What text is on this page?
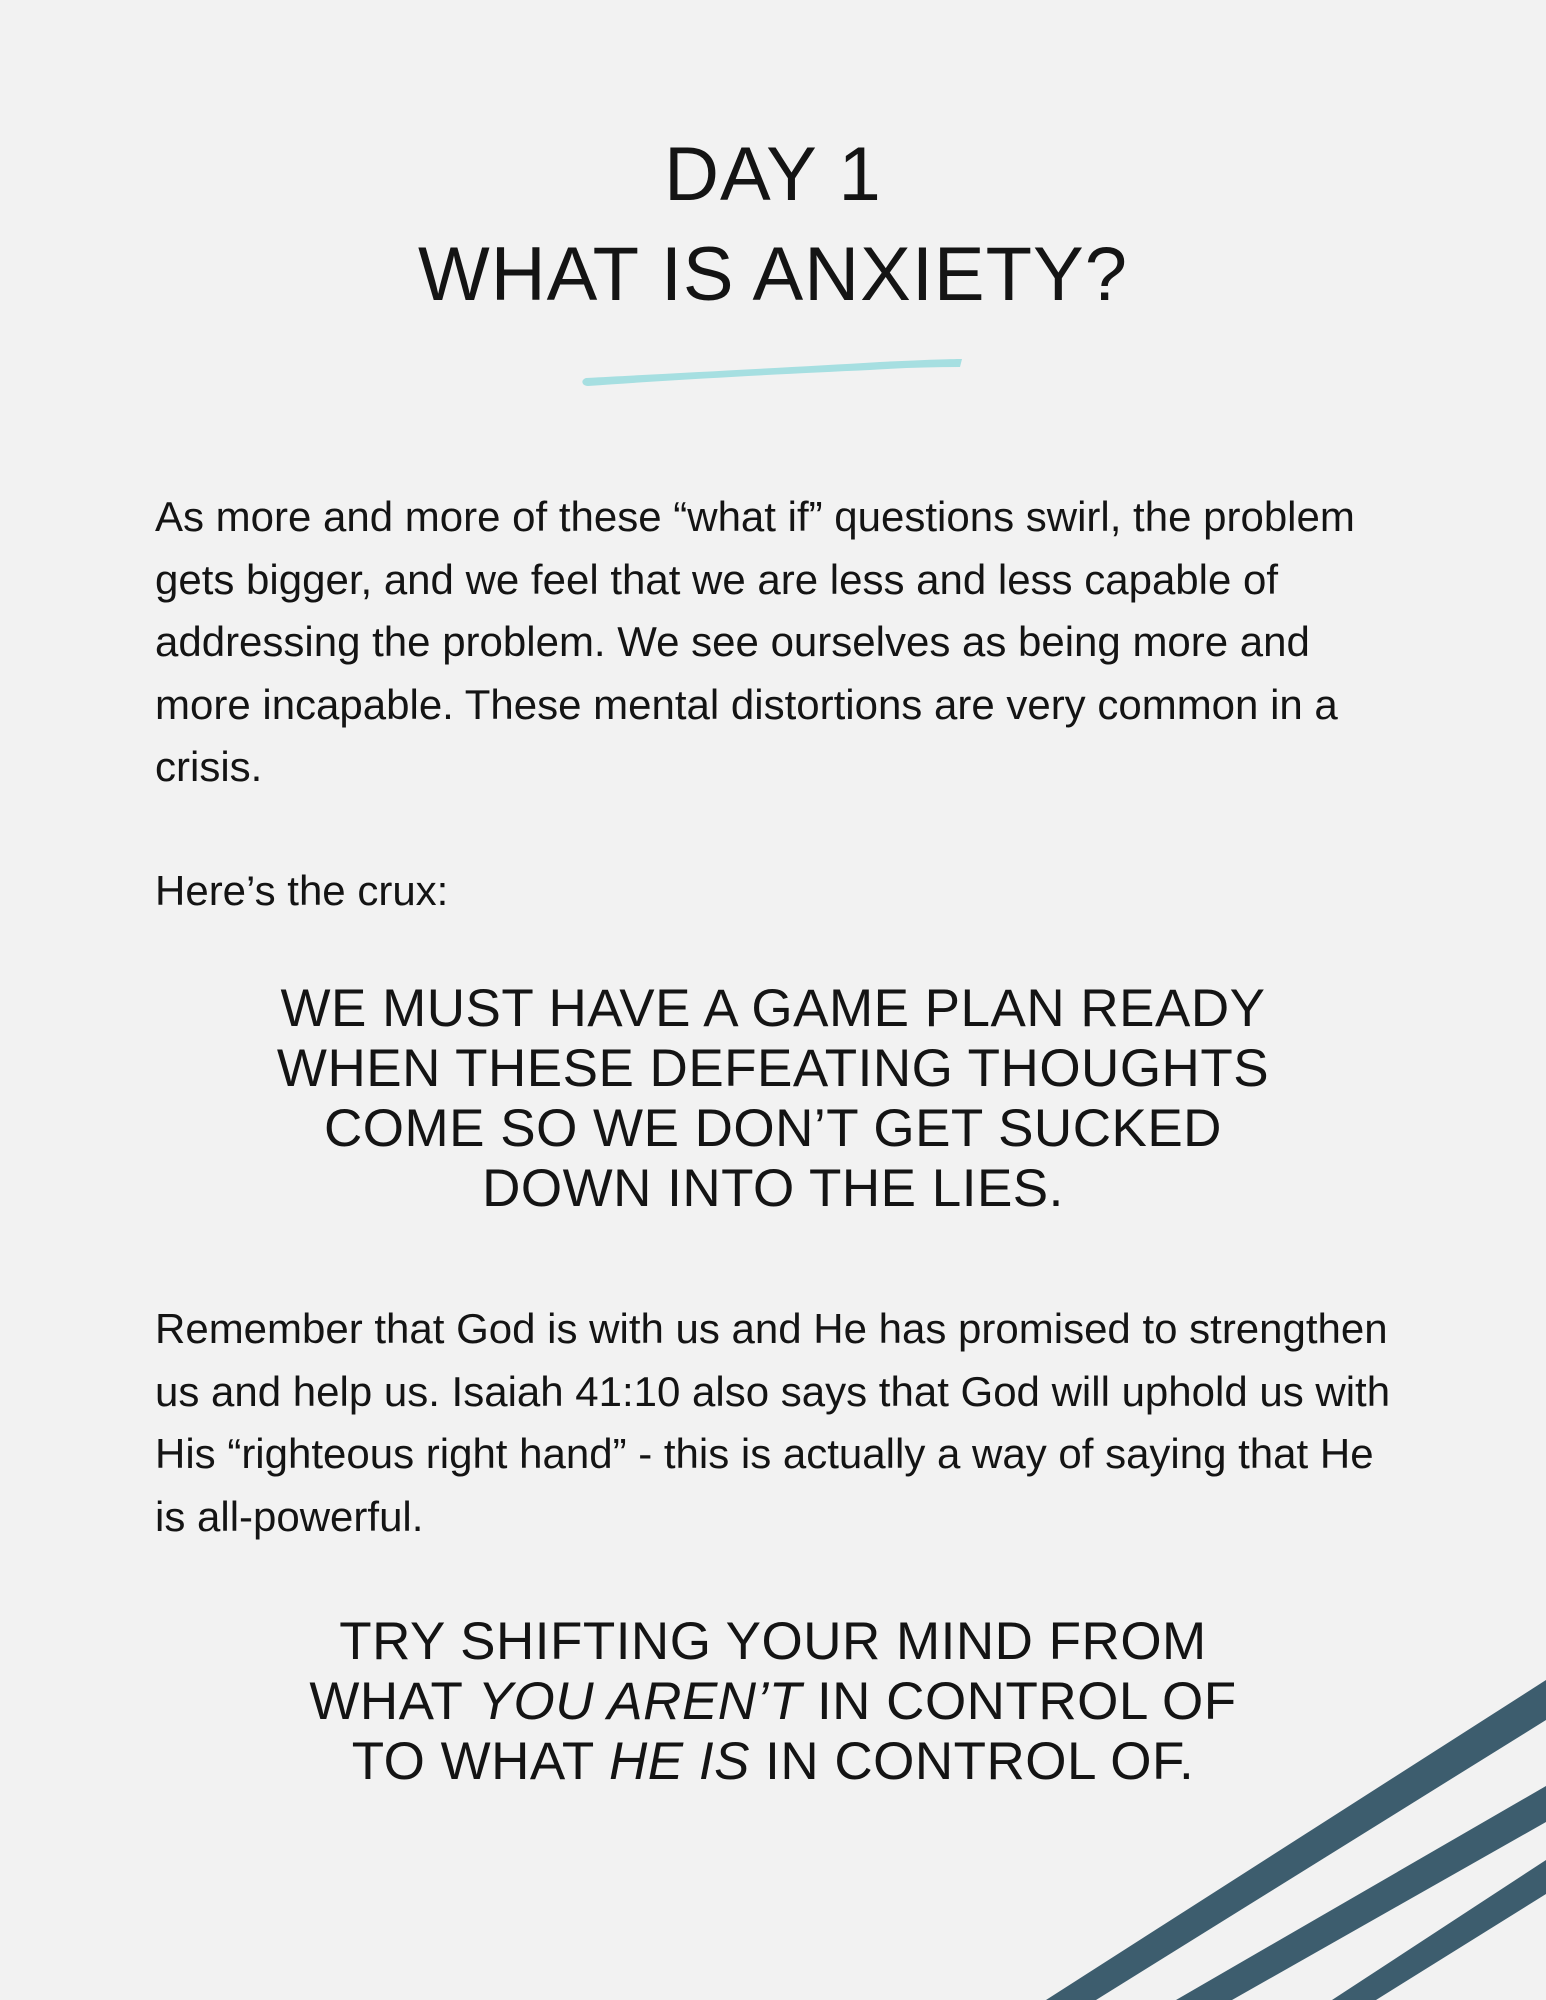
DAY 1
WHAT IS ANXIETY?

As more and more of these “what if” questions swirl, the problem gets bigger, and we feel that we are less and less capable of addressing the problem. We see ourselves as being more and more incapable. These mental distortions are very common in a crisis.

Here’s the crux:

WE MUST HAVE A GAME PLAN READY
WHEN THESE DEFEATING THOUGHTS
COME SO WE DON’T GET SUCKED
DOWN INTO THE LIES.

Remember that God is with us and He has promised to strengthen us and help us. Isaiah 41:10 also says that God will uphold us with His “righteous right hand” - this is actually a way of saying that He is all-powerful.

TRY SHIFTING YOUR MIND FROM
WHAT YOU AREN’T IN CONTROL OF
TO WHAT HE IS IN CONTROL OF.
